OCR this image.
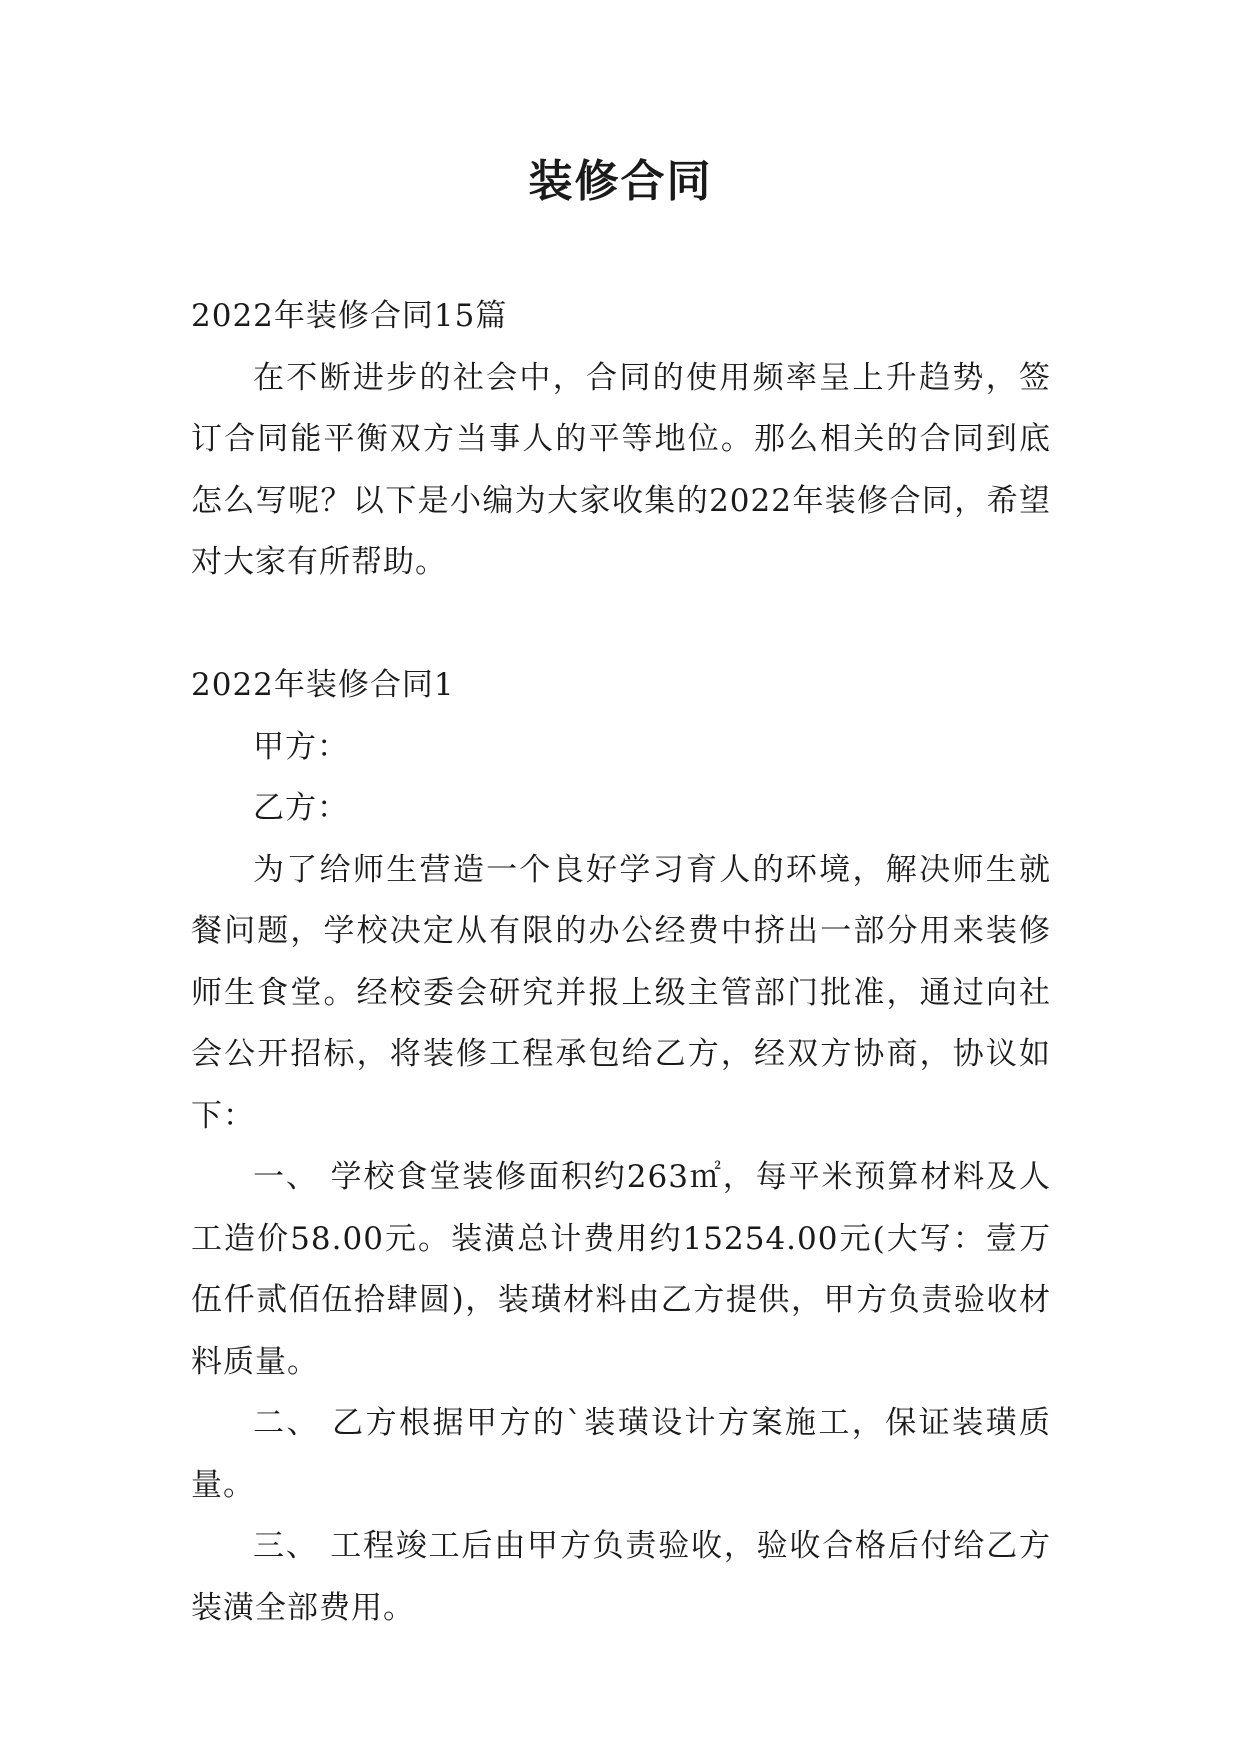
装修合同

2022年装修合同15篇

在不断进步的社会中，合同的使用频率呈上升趋势，签订合同能平衡双方当事人的平等地位。那么相关的合同到底怎么写呢？以下是小编为大家收集的2022年装修合同，希望对大家有所帮助。

2022年装修合同1

甲方：

乙方：

为了给师生营造一个良好学习育人的环境，解决师生就餐问题，学校决定从有限的办公经费中挤出一部分用来装修师生食堂。经校委会研究并报上级主管部门批准，通过向社会公开招标，将装修工程承包给乙方，经双方协商，协议如下：

一、 学校食堂装修面积约263㎡，每平米预算材料及人工造价58.00元。装潢总计费用约15254.00元(大写：壹万伍仟贰佰伍拾肆圆)，装璜材料由乙方提供，甲方负责验收材料质量。

二、 乙方根据甲方的`装璜设计方案施工，保证装璜质量。

三、 工程竣工后由甲方负责验收，验收合格后付给乙方装潢全部费用。
